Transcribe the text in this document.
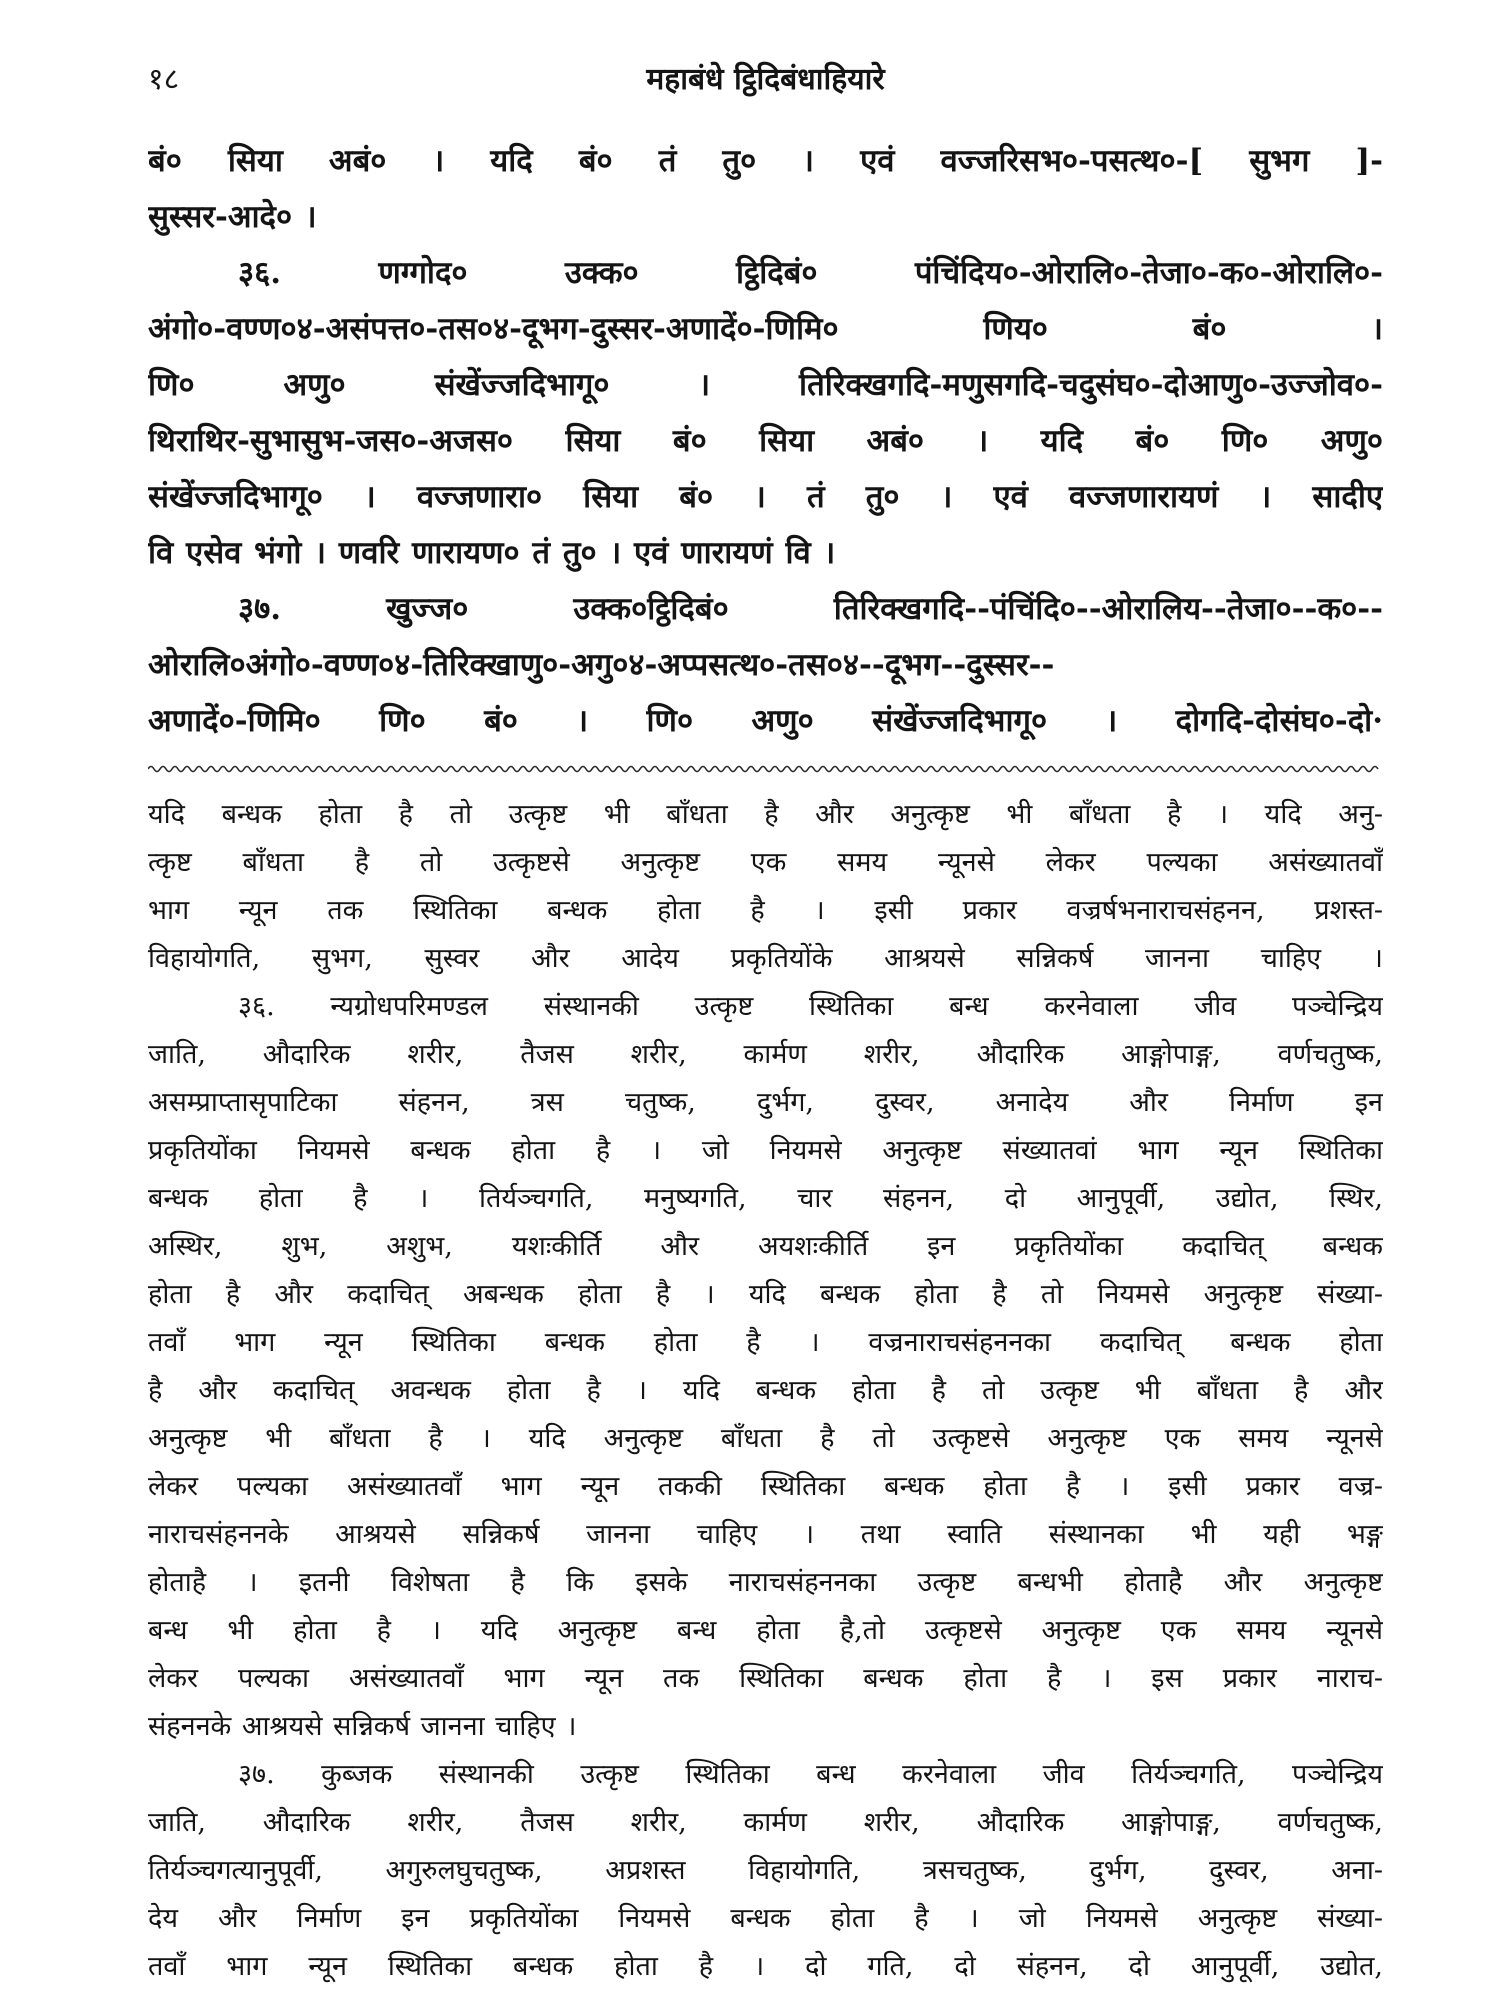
१८	महाबंधे ट्ठिदिबंधाहियारे
बं० सिया अबं० । यदि बं० तं तु० । एवं वज्जरिसभ०-पसत्थ०-[ सुभग ]-
सुस्सर-आदे० ।
३६. णग्गोद० उक्क० ट्ठिदिबं० पंचिंदिय०-ओरालि०-तेजा०-क०-ओरालि०-
अंगो०-वण्ण०४-असंपत्त०-तस०४-दूभग-दुस्सर-अणादें०-णिमि० णिय० बं० ।
णि० अणु० संखेंज्जदिभागू० । तिरिक्खगदि-मणुसगदि-चदुसंघ०-दोआणु०-उज्जोव०-
थिराथिर-सुभासुभ-जस०-अजस० सिया बं० सिया अबं० । यदि बं० णि० अणु०
संखेंज्जदिभागू० । वज्जणारा० सिया बं० । तं तु० । एवं वज्जणारायणं । सादीए
वि एसेव भंगो । णवरि णारायण० तं तु० । एवं णारायणं वि ।
३७. खुज्ज० उक्क०ट्ठिदिबं० तिरिक्खगदि--पंचिंदि०--ओरालिय--तेजा०--क०--
ओरालि०अंगो०-वण्ण०४-तिरिक्खाणु०-अगु०४-अप्पसत्थ०-तस०४--दूभग--दुस्सर--
अणादें०-णिमि० णि० बं० । णि० अणु० संखेंज्जदिभागू० । दोगदि-दोसंघ०-दो·
यदि बन्धक होता है तो उत्कृष्ट भी बाँधता है और अनुत्कृष्ट भी बाँधता है । यदि अनु-
त्कृष्ट बाँधता है तो उत्कृष्टसे अनुत्कृष्ट एक समय न्यूनसे लेकर पल्यका असंख्यातवाँ
भाग न्यून तक स्थितिका बन्धक होता है । इसी प्रकार वज्रर्षभनाराचसंहनन, प्रशस्त-
विहायोगति, सुभग, सुस्वर और आदेय प्रकृतियोंके आश्रयसे सन्निकर्ष जानना चाहिए ।
३६. न्यग्रोधपरिमण्डल संस्थानकी उत्कृष्ट स्थितिका बन्ध करनेवाला जीव पञ्चेन्द्रिय
जाति, औदारिक शरीर, तैजस शरीर, कार्मण शरीर, औदारिक आङ्गोपाङ्ग, वर्णचतुष्क,
असम्प्राप्तासृपाटिका संहनन, त्रस चतुष्क, दुर्भग, दुस्वर, अनादेय और निर्माण इन
प्रकृतियोंका नियमसे बन्धक होता है । जो नियमसे अनुत्कृष्ट संख्यातवां भाग न्यून स्थितिका
बन्धक होता है । तिर्यञ्चगति, मनुष्यगति, चार संहनन, दो आनुपूर्वी, उद्योत, स्थिर,
अस्थिर, शुभ, अशुभ, यशःकीर्ति और अयशःकीर्ति इन प्रकृतियोंका कदाचित् बन्धक
होता है और कदाचित् अबन्धक होता है । यदि बन्धक होता है तो नियमसे अनुत्कृष्ट संख्या-
तवाँ भाग न्यून स्थितिका बन्धक होता है । वज्रनाराचसंहननका कदाचित् बन्धक होता
है और कदाचित् अवन्धक होता है । यदि बन्धक होता है तो उत्कृष्ट भी बाँधता है और
अनुत्कृष्ट भी बाँधता है । यदि अनुत्कृष्ट बाँधता है तो उत्कृष्टसे अनुत्कृष्ट एक समय न्यूनसे
लेकर पल्यका असंख्यातवाँ भाग न्यून तककी स्थितिका बन्धक होता है । इसी प्रकार वज्र-
नाराचसंहननके आश्रयसे सन्निकर्ष जानना चाहिए । तथा स्वाति संस्थानका भी यही भङ्ग
होताहै । इतनी विशेषता है कि इसके नाराचसंहननका उत्कृष्ट बन्धभी होताहै और अनुत्कृष्ट
बन्ध भी होता है । यदि अनुत्कृष्ट बन्ध होता है,तो उत्कृष्टसे अनुत्कृष्ट एक समय न्यूनसे
लेकर पल्यका असंख्यातवाँ भाग न्यून तक स्थितिका बन्धक होता है । इस प्रकार नाराच-
संहननके आश्रयसे सन्निकर्ष जानना चाहिए ।
३७. कुब्जक संस्थानकी उत्कृष्ट स्थितिका बन्ध करनेवाला जीव तिर्यञ्चगति, पञ्चेन्द्रिय
जाति, औदारिक शरीर, तैजस शरीर, कार्मण शरीर, औदारिक आङ्गोपाङ्ग, वर्णचतुष्क,
तिर्यञ्चगत्यानुपूर्वी, अगुरुलघुचतुष्क, अप्रशस्त विहायोगति, त्रसचतुष्क, दुर्भग, दुस्वर, अना-
देय और निर्माण इन प्रकृतियोंका नियमसे बन्धक होता है । जो नियमसे अनुत्कृष्ट संख्या-
तवाँ भाग न्यून स्थितिका बन्धक होता है । दो गति, दो संहनन, दो आनुपूर्वी, उद्योत,
